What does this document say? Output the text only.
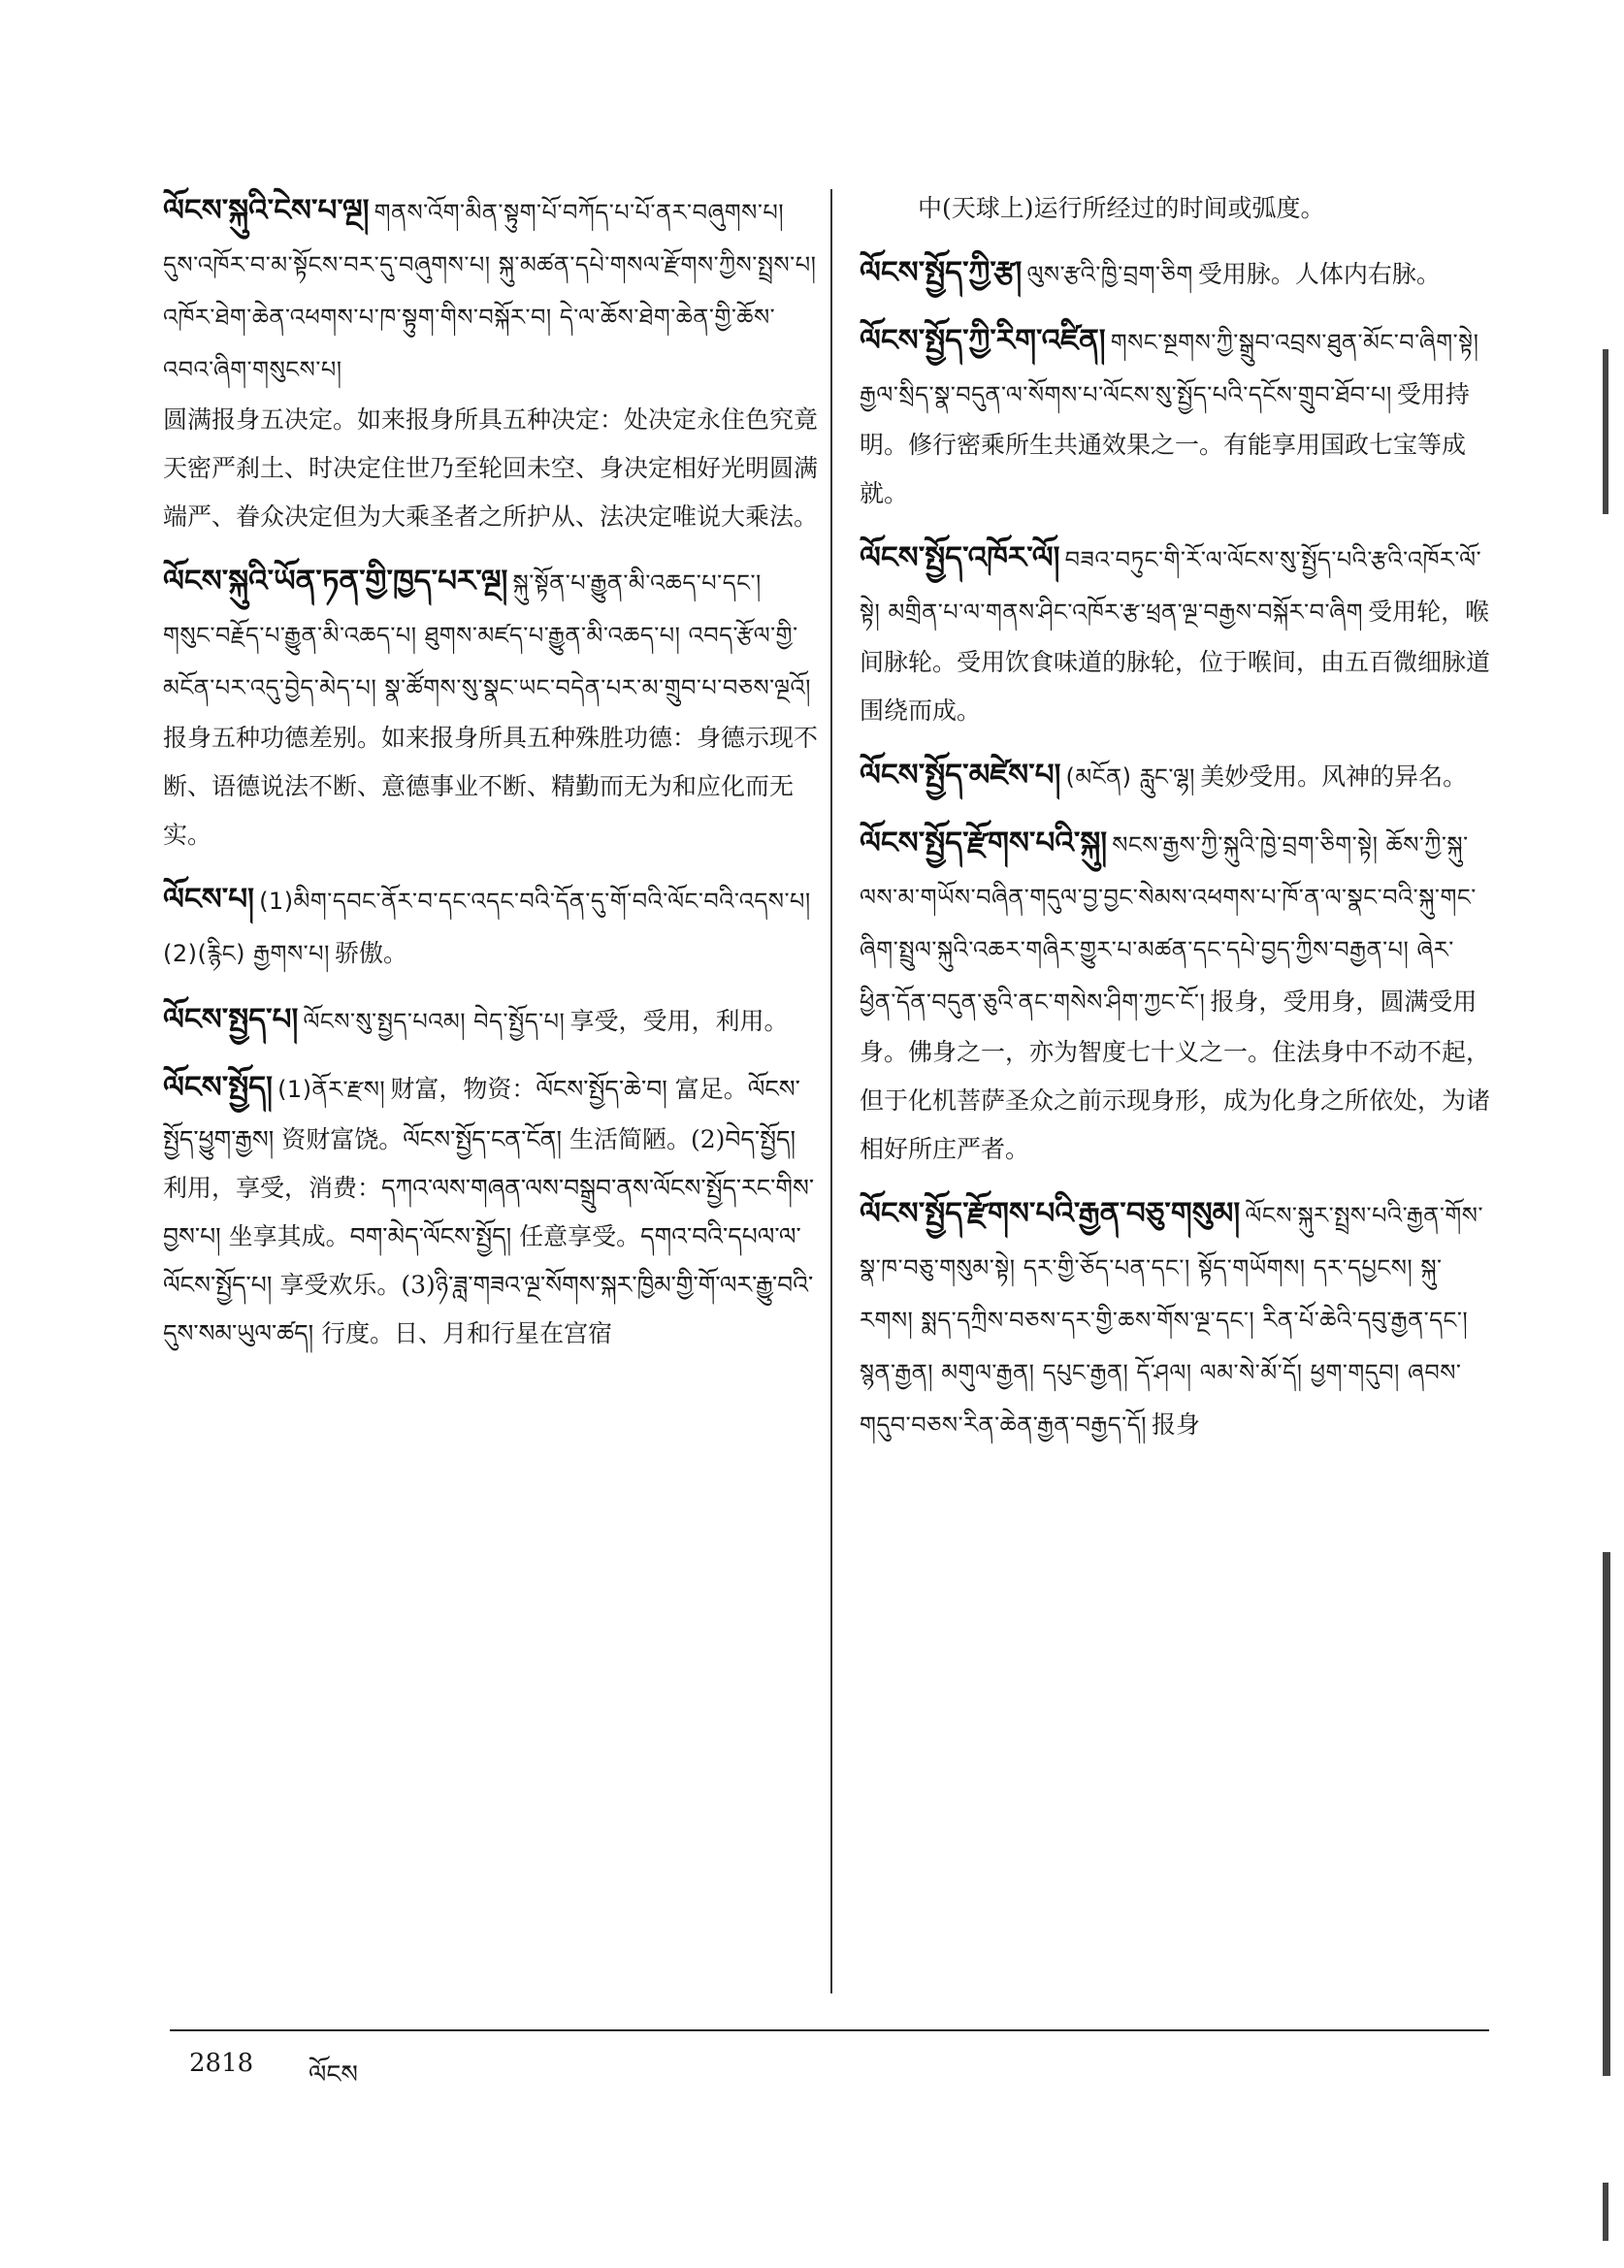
ལོངས་སྐུའི་ངེས་པ་ལྔ། གནས་འོག་མིན་སྟུག་པོ་བཀོད་པ་པོ་ནར་བཞུགས་པ། དུས་འཁོར་བ་མ་སྟོངས་བར་དུ་བཞུགས་པ། སྐུ་མཚན་དཔེ་གསལ་རྫོགས་ཀྱིས་སྤྲས་པ། འཁོར་ཐེག་ཆེན་འཕགས་པ་ཁ་སྟུག་གིས་བསྐོར་བ། དེ་ལ་ཆོས་ཐེག་ཆེན་གྱི་ཆོས་འབའ་ཞིག་གསུངས་པ།
圆满报身五决定。如来报身所具五种决定：处决定永住色究竟天密严刹土、时决定住世乃至轮回未空、身决定相好光明圆满端严、眷众决定但为大乘圣者之所护从、法决定唯说大乘法。
ལོངས་སྐུའི་ཡོན་ཏན་གྱི་ཁྱད་པར་ལྔ། སྐུ་སྟོན་པ་རྒྱུན་མི་འཆད་པ་དང་། གསུང་བརྗོད་པ་རྒྱུན་མི་འཆད་པ། ཐུགས་མཛད་པ་རྒྱུན་མི་འཆད་པ། འབད་རྩོལ་གྱི་མངོན་པར་འདུ་བྱེད་མེད་པ། སྣ་ཚོགས་སུ་སྣང་ཡང་བདེན་པར་མ་གྲུབ་པ་བཅས་ལྔའོ།
报身五种功德差别。如来报身所具五种殊胜功德：身德示现不断、语德说法不断、意德事业不断、精勤而无为和应化而无实。
ལོངས་པ། (1)མིག་དབང་ནོར་བ་དང་འདང་བའི་དོན་དུ་གོ་བའི་ལོང་བའི་འདས་པ། (2)(རྙིང) རྒྱགས་པ། 骄傲。
ལོངས་སྤྱད་པ། ལོངས་སུ་སྤྱད་པའམ། བེད་སྤྱོད་པ། 享受，受用，利用。
ལོངས་སྤྱོད། (1)ནོར་རྫས། 财富，物资：ལོངས་སྤྱོད་ཆེ་བ། 富足。ལོངས་སྤྱོད་ཕྱུག་རྒྱས། 资财富饶。ལོངས་སྤྱོད་ངན་ངོན། 生活简陋。(2)བེད་སྤྱོད། 利用，享受，消费：དཀའ་ལས་གཞན་ལས་བསྒྲུབ་ནས་ལོངས་སྤྱོད་རང་གིས་བྱས་པ། 坐享其成。བག་མེད་ལོངས་སྤྱོད། 任意享受。དགའ་བའི་དཔལ་ལ་ལོངས་སྤྱོད་པ། 享受欢乐。(3)ཉི་ཟླ་གཟའ་ལྔ་སོགས་སྐར་ཁྱིམ་གྱི་གོ་ལར་རྒྱུ་བའི་དུས་སམ་ཡུལ་ཚད། 行度。日、月和行星在宫宿
中(天球上)运行所经过的时间或弧度。
ལོངས་སྤྱོད་ཀྱི་རྩ། ལུས་རྩའི་ཁྱི་བྲག་ཅིག 受用脉。人体内右脉。
ལོངས་སྤྱོད་ཀྱི་རིག་འཛིན། གསང་སྔགས་ཀྱི་སྒྲུབ་འབྲས་ཐུན་མོང་བ་ཞིག་སྟེ། རྒྱལ་སྲིད་སྣ་བདུན་ལ་སོགས་པ་ལོངས་སུ་སྤྱོད་པའི་དངོས་གྲུབ་ཐོབ་པ། 受用持明。修行密乘所生共通效果之一。有能享用国政七宝等成就。
ལོངས་སྤྱོད་འཁོར་ལོ། བཟའ་བཏུང་གི་རོ་ལ་ལོངས་སུ་སྤྱོད་པའི་རྩའི་འཁོར་ལོ་སྟེ། མགྲིན་པ་ལ་གནས་ཤིང་འཁོར་རྩ་ཕྲན་ལྔ་བརྒྱས་བསྐོར་བ་ཞིག 受用轮，喉间脉轮。受用饮食味道的脉轮，位于喉间，由五百微细脉道围绕而成。
ལོངས་སྤྱོད་མཛེས་པ། (མངོན) རླུང་ལྷ། 美妙受用。风神的异名。
ལོངས་སྤྱོད་རྫོགས་པའི་སྐུ། སངས་རྒྱས་ཀྱི་སྐུའི་ཁྱེ་བྲག་ཅིག་སྟེ། ཆོས་ཀྱི་སྐུ་ལས་མ་གཡོས་བཞིན་གདུལ་བྱ་བྱང་སེམས་འཕགས་པ་ཁོ་ན་ལ་སྣང་བའི་སྐུ་གང་ཞིག་སྤྲུལ་སྐུའི་འཆར་གཞིར་གྱུར་པ་མཚན་དང་དཔེ་བྱད་ཀྱིས་བརྒྱན་པ། ཞེར་ཕྱིན་དོན་བདུན་ཅུའི་ནང་གསེས་ཤིག་ཀྱང་ངོ་། 报身，受用身，圆满受用身。佛身之一，亦为智度七十义之一。住法身中不动不起，但于化机菩萨圣众之前示现身形，成为化身之所依处，为诸相好所庄严者。
ལོངས་སྤྱོད་རྫོགས་པའི་རྒྱན་བཅུ་གསུམ། ལོངས་སྐུར་སྤྲས་པའི་རྒྱན་གོས་སྣ་ཁ་བཅུ་གསུམ་སྟེ། དར་གྱི་ཅོད་པན་དང་། སྟོད་གཡོགས། དར་དཔྱངས། སྐུ་རགས། སྨད་དཀྲིས་བཅས་དར་གྱི་ཆས་གོས་ལྔ་དང་། རིན་པོ་ཆེའི་དབུ་རྒྱན་དང་། སྙན་རྒྱན། མགུལ་རྒྱན། དཔུང་རྒྱན། དོ་ཤལ། ལམ་སེ་མོ་དོ། ཕྱག་གདུབ། ཞབས་གདུབ་བཅས་རིན་ཆེན་རྒྱན་བརྒྱད་དོ། 报身
2818 ལོངས
